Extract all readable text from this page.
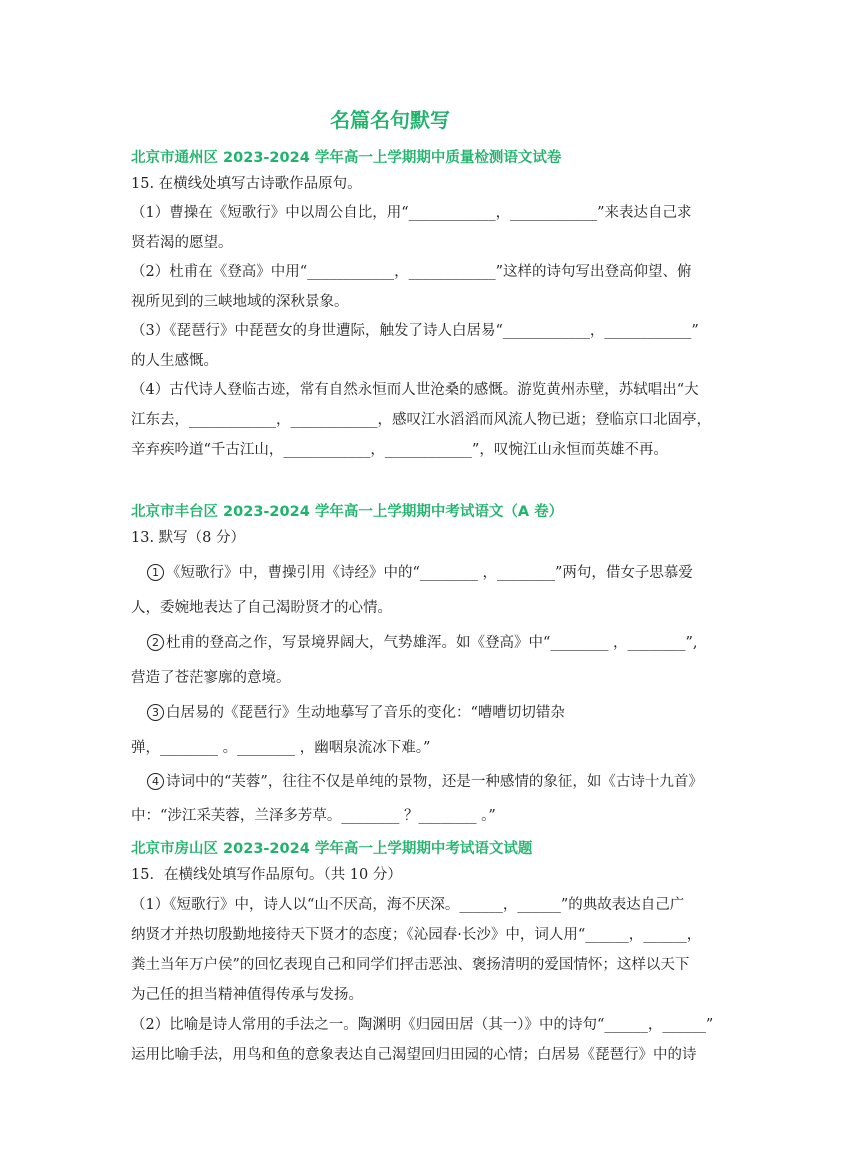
名篇名句默写
北京市通州区 2023-2024 学年高一上学期期中质量检测语文试卷
15. 在横线处填写古诗歌作品原句。
（1）曹操在《短歌行》中以周公自比，用“____________，____________”来表达自己求
贤若渴的愿望。
（2）杜甫在《登高》中用“____________，____________”这样的诗句写出登高仰望、俯
视所见到的三峡地域的深秋景象。
（3）《琵琶行》中琵琶女的身世遭际，触发了诗人白居易“____________，____________”
的人生感慨。
（4）古代诗人登临古迹，常有自然永恒而人世沧桑的感慨。游览黄州赤壁，苏轼唱出“大
江东去，____________，____________，感叹江水滔滔而风流人物已逝；登临京口北固亭，
辛弃疾吟道“千古江山，____________，____________”，叹惋江山永恒而英雄不再。
北京市丰台区 2023-2024 学年高一上学期期中考试语文（A 卷）
13. 默写（8 分）
1 《短歌行》中，曹操引用《诗经》中的“________ ，________”两句，借女子思慕爱
人，委婉地表达了自己渴盼贤才的心情。
2 杜甫的登高之作，写景境界阔大，气势雄浑。如《登高》中“________ ，________”,
营造了苍茫寥廓的意境。
3 白居易的《琵琶行》生动地摹写了音乐的变化：“嘈嘈切切错杂
弹，________ 。________ ，幽咽泉流冰下难。”
4 诗词中的“芙蓉”，往往不仅是单纯的景物，还是一种感情的象征，如《古诗十九首》
中：“涉江采芙蓉，兰泽多芳草。________ ？________ 。”
北京市房山区 2023-2024 学年高一上学期期中考试语文试题
15．在横线处填写作品原句。（共 10 分）
（1）《短歌行》中，诗人以“山不厌高，海不厌深。______，______”的典故表达自己广
纳贤才并热切殷勤地接待天下贤才的态度；《沁园春·长沙》中，词人用“______，______，
粪土当年万户侯”的回忆表现自己和同学们抨击恶浊、褒扬清明的爱国情怀；这样以天下
为己任的担当精神值得传承与发扬。
（2）比喻是诗人常用的手法之一。陶渊明《归园田居（其一）》中的诗句“______，______”
运用比喻手法，用鸟和鱼的意象表达自己渴望回归田园的心情；白居易《琵琶行》中的诗
